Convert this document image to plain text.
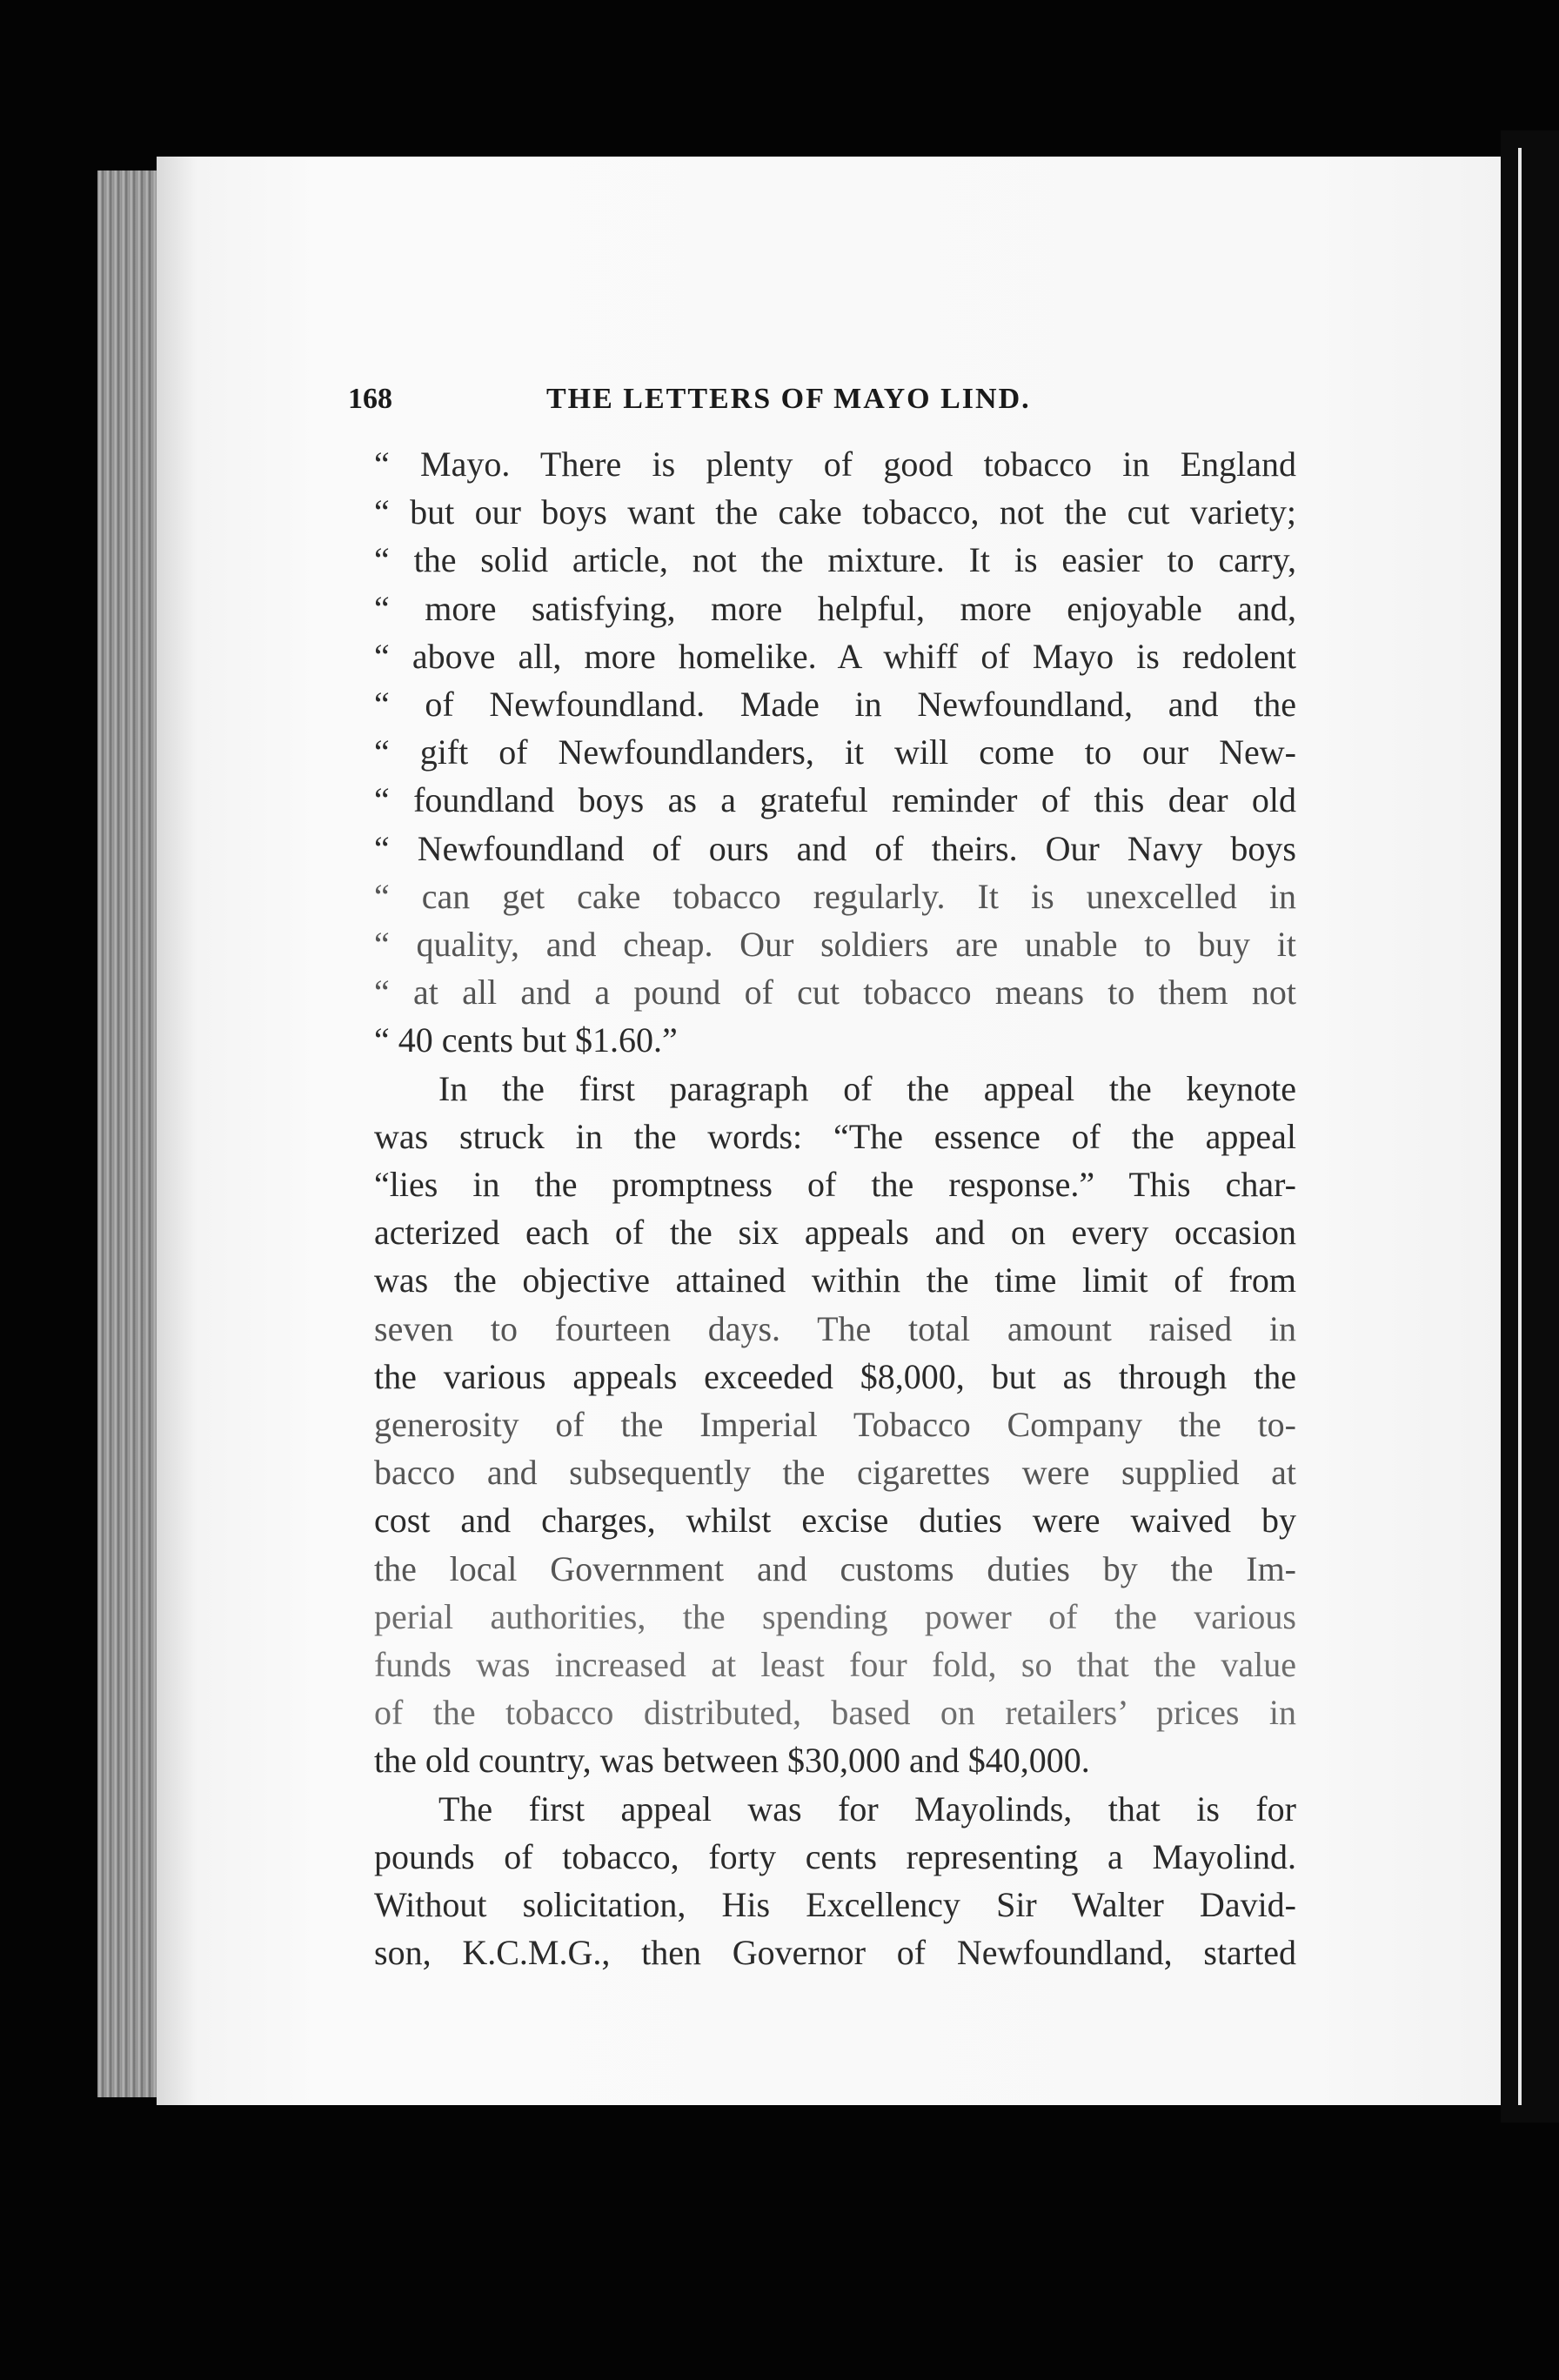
168	THE LETTERS OF MAYO LIND.
“ Mayo. There is plenty of good tobacco in England
“ but our boys want the cake tobacco, not the cut variety;
“ the solid article, not the mixture. It is easier to carry,
“ more satisfying, more helpful, more enjoyable and,
“ above all, more homelike. A whiff of Mayo is redolent
“ of Newfoundland. Made in Newfoundland, and the
“ gift of Newfoundlanders, it will come to our New-
“ foundland boys as a grateful reminder of this dear old
“ Newfoundland of ours and of theirs. Our Navy boys
“ can get cake tobacco regularly. It is unexcelled in
“ quality, and cheap. Our soldiers are unable to buy it
“ at all and a pound of cut tobacco means to them not
“ 40 cents but $1.60.”
In the first paragraph of the appeal the keynote
was struck in the words: “The essence of the appeal
“lies in the promptness of the response.” This char-
acterized each of the six appeals and on every occasion
was the objective attained within the time limit of from
seven to fourteen days. The total amount raised in
the various appeals exceeded $8,000, but as through the
generosity of the Imperial Tobacco Company the to-
bacco and subsequently the cigarettes were supplied at
cost and charges, whilst excise duties were waived by
the local Government and customs duties by the Im-
perial authorities, the spending power of the various
funds was increased at least four fold, so that the value
of the tobacco distributed, based on retailers’ prices in
the old country, was between $30,000 and $40,000.
The first appeal was for Mayolinds, that is for
pounds of tobacco, forty cents representing a Mayolind.
Without solicitation, His Excellency Sir Walter David-
son, K.C.M.G., then Governor of Newfoundland, started
